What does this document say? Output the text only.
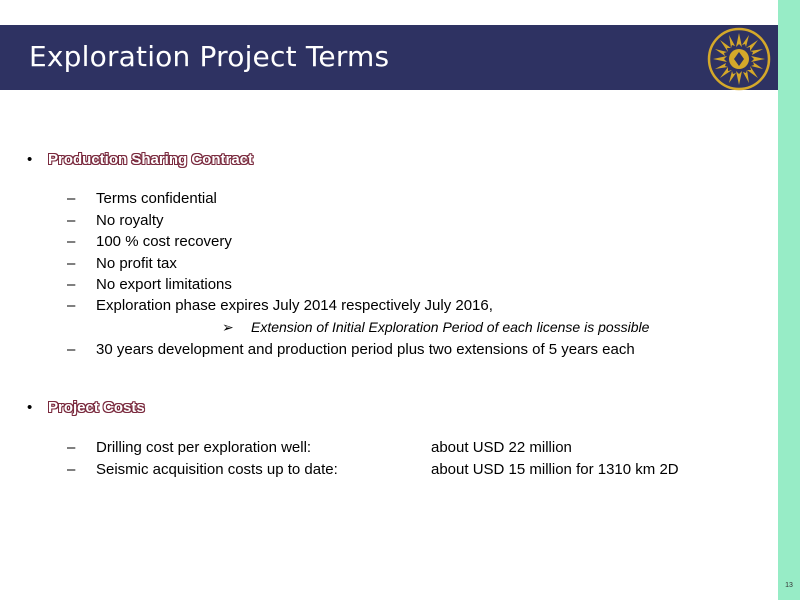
Exploration Project Terms
13
•	Production Sharing Contract
– Terms confidential
– No royalty
– 100 % cost recovery
– No profit tax
– No export limitations
– Exploration phase expires July 2014 respectively July 2016,
➢ Extension of Initial Exploration Period of each license is possible
– 30 years development and production period plus two extensions of 5 years each
•	Project Costs
– Drilling cost per exploration well:	about USD 22 million
– Seismic acquisition costs up to date:	about USD 15 million for 1310 km 2D
